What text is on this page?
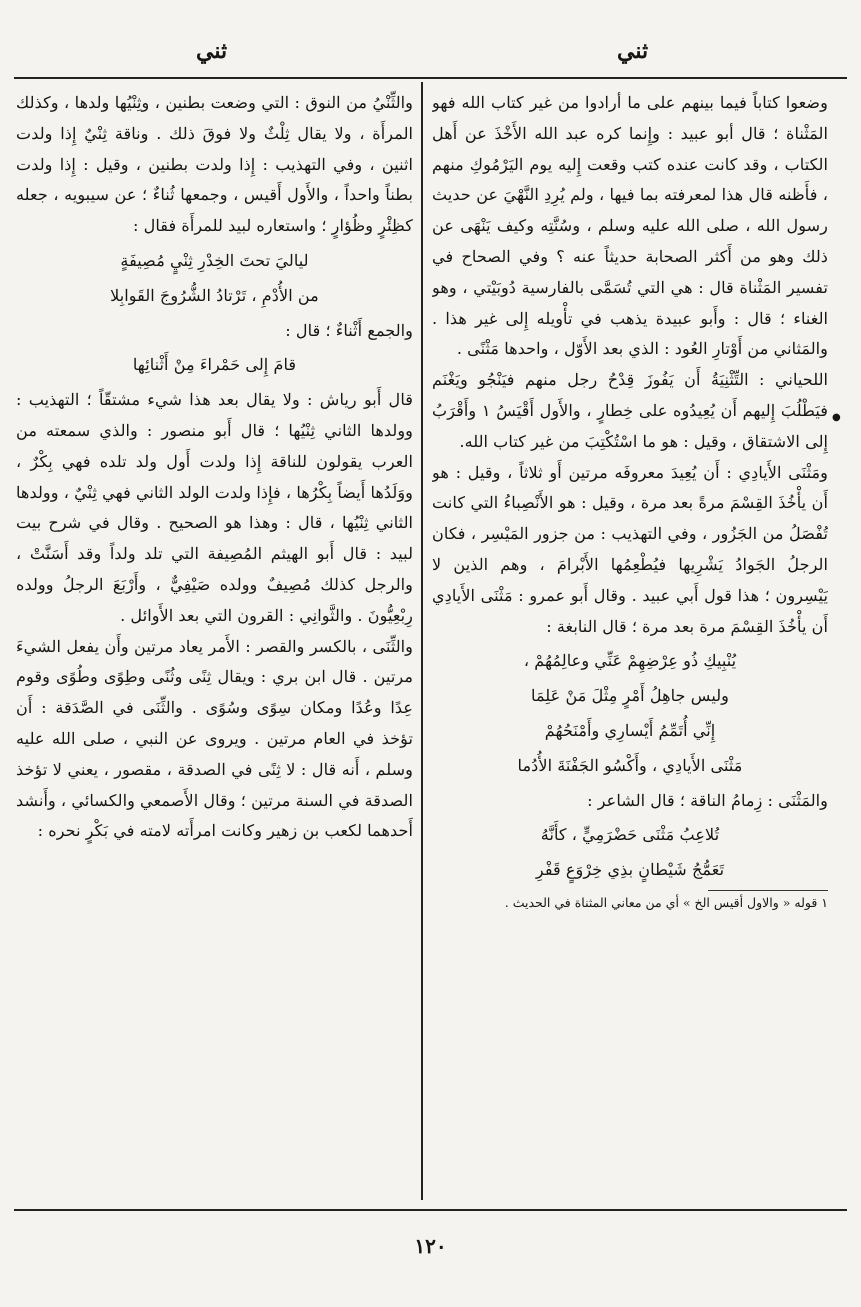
ثني
ثني
●

وضعوا كتاباً فيما بينهم على ما أرادوا من غير كتاب الله فهو المَثْناة ؛ قال أبو عبيد : وإِنما كره عبد الله الأَخْذَ عن أَهل الكتاب ، وقد كانت عنده كتب وقعت إِليه يوم اليَرْمُوكِ منهم ، فأَظنه قال هذا لمعرفته بما فيها ، ولم يُرِدِ النَّهْيَ عن حديث رسول الله ، صلى الله عليه وسلم ، وسُنَّتِه وكيف يَنْهَى عن ذلك وهو من أَكثر الصحابة حديثاً عنه ؟ وفي الصحاح في تفسير المَثْناة قال : هي التي تُسَمَّى بالفارسية دُوبَيْتي ، وهو الغناء ؛ قال : وأَبو عبيدة يذهب في تأْويله إِلى غير هذا . والمَثاني من أَوْتارِ العُود : الذي بعد الأَوّل ، واحدها مَثْنًى .

اللحياني : التِّثْنِيَةُ أَن يَفُوزَ قِدْحُ رجل منهم فيَنْجُو ويَغْنَم فيَطْلُبَ إِليهم أَن يُعِيدُوه على خِطارٍ ، والأَول أَقْيَسُ ١ وأَقْرَبُ إِلى الاشتقاق ، وقيل : هو ما اسْتُكْتِبَ من غير كتاب الله.

ومَثْنَى الأَيادِي : أَن يُعِيدَ معروفَه مرتين أَو ثلاثاً ، وقيل : هو أَن يأْخُذَ القِسْمَ مرةً بعد مرة ، وقيل : هو الأَنْصِباءُ التي كانت تُفْصَلُ من الجَزُور ، وفي التهذيب : من جزور المَيْسِر ، فكان الرجلُ الجَوادُ يَشْرِيها فيُطْعِمُها الأَبْرامَ ، وهم الذين لا يَيْسِرون ؛ هذا قول أَبي عبيد . وقال أَبو عمرو : مَثْنَى الأَيادِي أَن يأْخُذَ القِسْمَ مرة بعد مرة ؛ قال النابغة :

يُنْبِيكِ ذُو عِرْضِهِمْ عَنِّي وعالِمُهُمْ ،

وليس جاهِلُ أَمْرٍ مِثْلَ مَنْ عَلِمَا

إِنِّي أُتَمِّمُ أَيْسارِي وأَمْنَحُهُمْ

مَثْنَى الأَيادِي ، وأَكْسُو الجَفْنَةَ الأُدُما

والمَثْنَى : زِمامُ الناقة ؛ قال الشاعر :

تُلاعِبُ مَثْنَى حَضْرَمِيٍّ ، كأَنَّهُ

تَعَمُّجُ شَيْطانٍ بذِي خِرْوَعٍ قَفْرِ

١ قوله « والاول أقيس الخ » أي من معاني المثناة في الحديث .

والثِّنْيُ من النوق : التي وضعت بطنين ، وثِنْيُها ولدها ، وكذلك المرأَة ، ولا يقال ثِلْثٌ ولا فوقَ ذلك . وناقة ثِنْيٌ إِذا ولدت اثنين ، وفي التهذيب : إِذا ولدت بطنين ، وقيل : إِذا ولدت بطناً واحداً ، والأَول أَقيس ، وجمعها ثُناءٌ ؛ عن سيبويه ، جعله كظِئْرٍ وظُؤارٍ ؛ واستعاره لبيد للمرأَة فقال :

لياليَ تحتَ الخِدْرِ ثِنْيٍ مُصِيفَةٍ

من الأُدْمِ ، تَرْتادُ الشُّرُوجَ القَوابِلا

والجمع أَثْناءٌ ؛ قال :

قامَ إِلى حَمْراءَ مِنْ أَثْنائِها

قال أَبو رياش : ولا يقال بعد هذا شيء مشتقّاً ؛ التهذيب : وولدها الثاني ثِنْيُها ؛ قال أَبو منصور : والذي سمعته من العرب يقولون للناقة إِذا ولدت أَول ولد تلده فهي بِكْرٌ ، ووَلَدُها أَيضاً بِكْرُها ، فإِذا ولدت الولد الثاني فهي ثِنْيٌ ، وولدها الثاني ثِنْيُها ، قال : وهذا هو الصحيح . وقال في شرح بيت لبيد : قال أَبو الهيثم المُصِيفة التي تلد ولداً وقد أَسَنَّتْ ، والرجل كذلك مُصِيفٌ وولده صَيْفِيٌّ ، وأَرْبَعَ الرجلُ وولده رِبْعِيُّونَ . والثَّوانِي : القرون التي بعد الأَوائل .

والثِّنَى ، بالكسر والقصر : الأَمر يعاد مرتين وأَن يفعل الشيءَ مرتين . قال ابن بري : ويقال ثِنًى وثُنًى وطِوًى وطُوًى وقوم عِدًا وعُدًا ومكان سِوًى وسُوًى . والثِّنَى في الصَّدَقة : أَن تؤخذ في العام مرتين . ويروى عن النبي ، صلى الله عليه وسلم ، أَنه قال : لا ثِنًى في الصدقة ، مقصور ، يعني لا تؤخذ الصدقة في السنة مرتين ؛ وقال الأَصمعي والكسائي ، وأَنشد أَحدهما لكعب بن زهير وكانت امرأَته لامته في بَكْرٍ نحره :

١٢٠
